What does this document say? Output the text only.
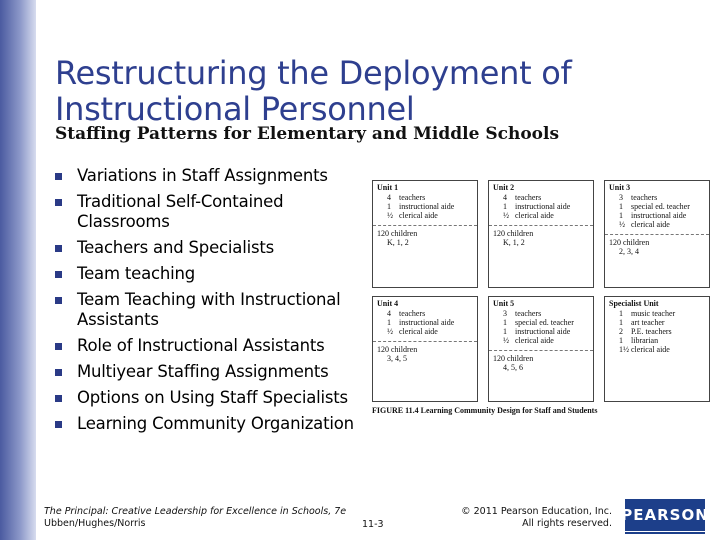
Restructuring the Deployment of Instructional Personnel
Staffing Patterns for Elementary and Middle Schools
Variations in Staff Assignments
Traditional Self-Contained Classrooms
Teachers and Specialists
Team teaching
Team Teaching with Instructional Assistants
Role of Instructional Assistants
Multiyear Staffing Assignments
Options on Using Staff Specialists
Learning Community Organization
Unit 1
4	teachers
1	instructional aide
½ clerical aide
120 children
K, 1, 2
Unit 2
4	teachers
1	instructional aide
½ clerical aide
120 children
K, 1, 2
Unit 3
3	teachers
1	special ed. teacher
1	instructional aide
½ clerical aide
120 children
2, 3, 4
Unit 4
4	teachers
1	instructional aide
½ clerical aide
120 children
3, 4, 5
Unit 5
3	teachers
1	special ed. teacher
1	instructional aide
½ clerical aide
120 children
4, 5, 6
Specialist Unit
1	music teacher
1	art teacher
2	P.E. teachers
1	librarian
1½ clerical aide
FIGURE 11.4 Learning Community Design for Staff and Students
The Principal: Creative Leadership for Excellence in Schools, 7e
Ubben/Hughes/Norris	11-3
© 2011 Pearson Education, Inc.
All rights reserved. PEARSON
